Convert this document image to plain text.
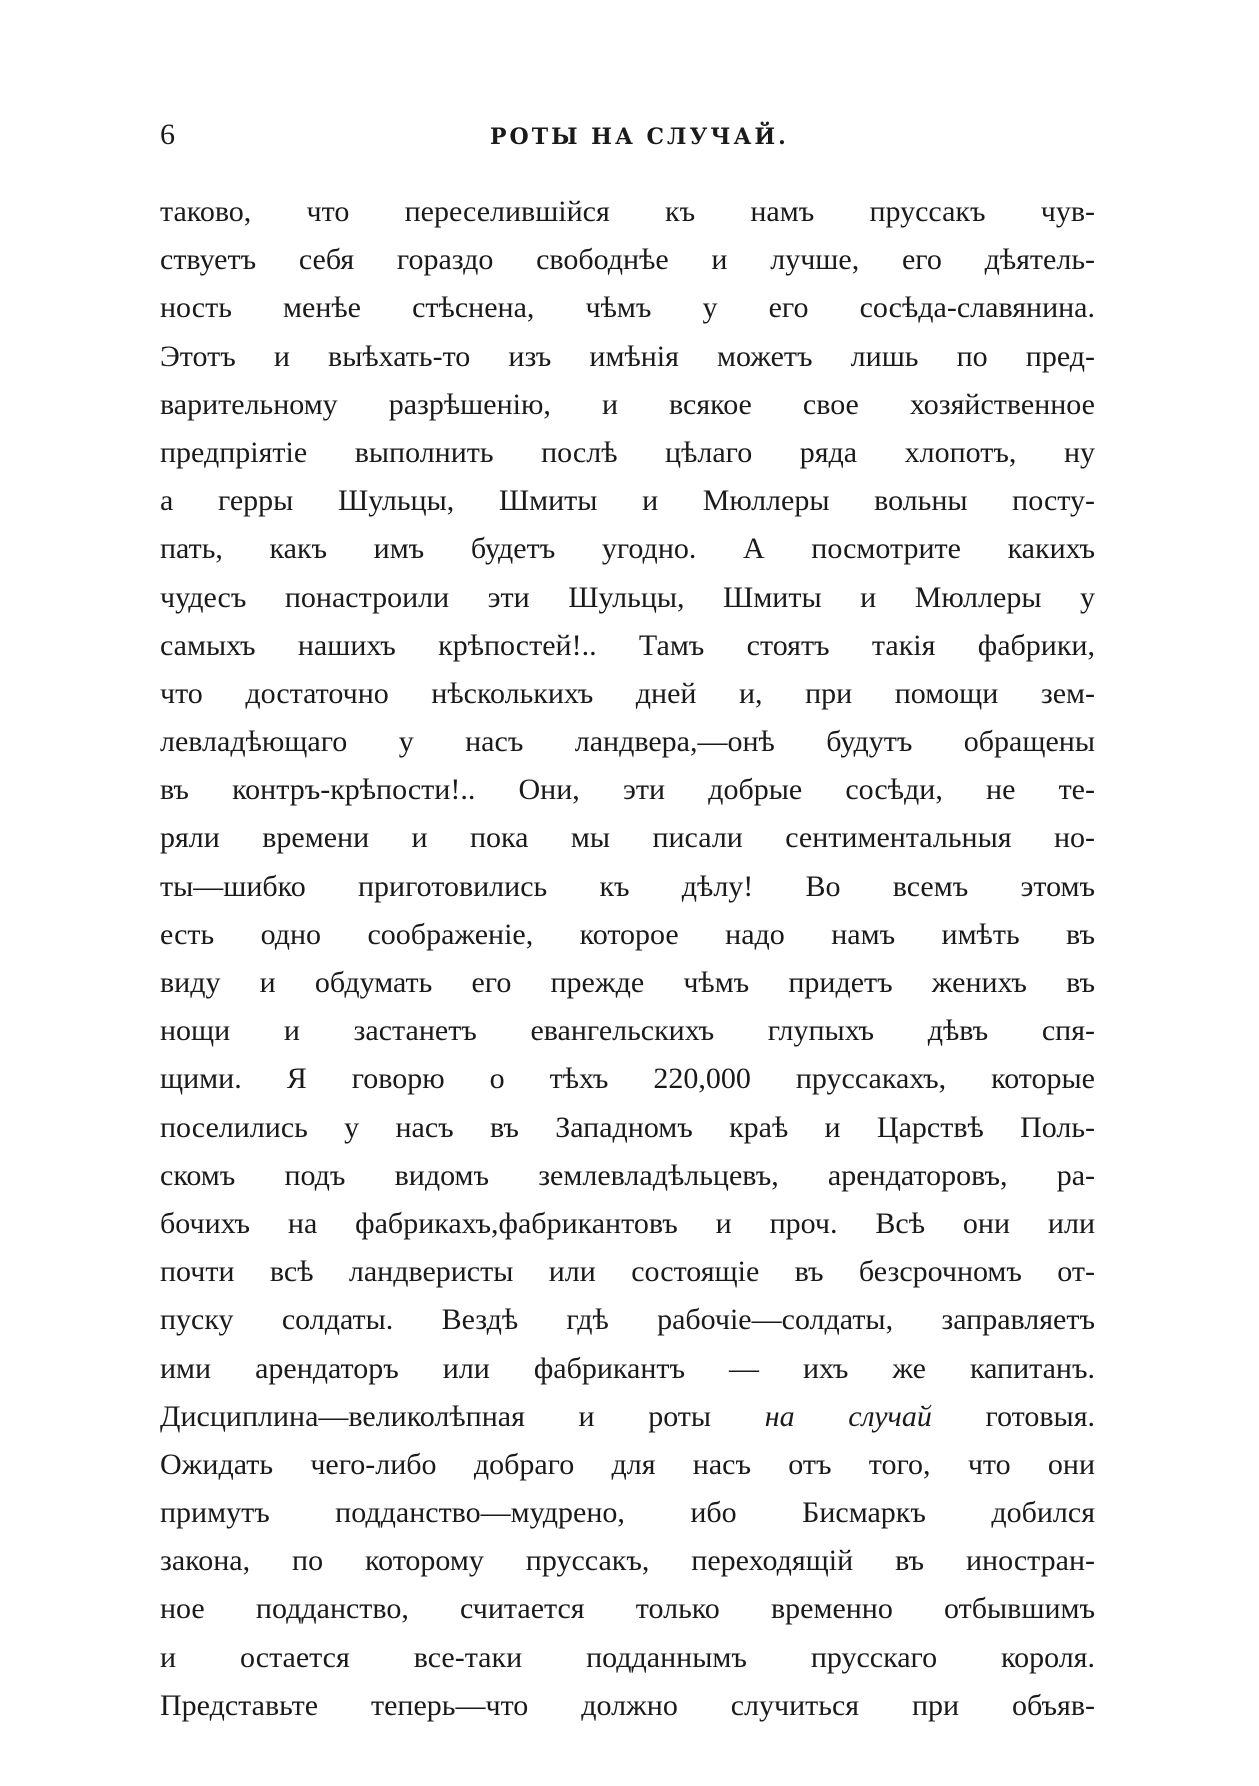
6	РОТЫ НА СЛУЧАЙ.
таково, что переселившійся къ намъ пруссакъ чув-
ствуетъ себя гораздо свободнѣе и лучше, его дѣятель-
ность менѣе стѣснена, чѣмъ у его сосѣда-славянина.
Этотъ и выѣхать-то изъ имѣнія можетъ лишь по пред-
варительному разрѣшенію, и всякое свое хозяйственное
предпріятіе выполнить послѣ цѣлаго ряда хлопотъ, ну
а герры Шульцы, Шмиты и Мюллеры вольны посту-
пать, какъ имъ будетъ угодно. А посмотрите какихъ
чудесъ понастроили эти Шульцы, Шмиты и Мюллеры у
самыхъ нашихъ крѣпостей!.. Тамъ стоятъ такія фабрики,
что достаточно нѣсколькихъ дней и, при помощи зем-
левладѣющаго у насъ ландвера,—онѣ будутъ обращены
въ контръ-крѣпости!.. Они, эти добрые сосѣди, не те-
ряли времени и пока мы писали сентиментальныя но-
ты—шибко приготовились къ дѣлу! Во всемъ этомъ
есть одно соображеніе, которое надо намъ имѣть въ
виду и обдумать его прежде чѣмъ придетъ женихъ въ
нощи и застанетъ евангельскихъ глупыхъ дѣвъ спя-
щими. Я говорю о тѣхъ 220,000 пруссакахъ, которые
поселились у насъ въ Западномъ краѣ и Царствѣ Поль-
скомъ подъ видомъ землевладѣльцевъ, арендаторовъ, ра-
бочихъ на фабрикахъ,фабрикантовъ и проч. Всѣ они или
почти всѣ ландверисты или состоящіе въ безсрочномъ от-
пуску солдаты. Вездѣ гдѣ рабочіе—солдаты, заправляетъ
ими арендаторъ или фабрикантъ — ихъ же капитанъ.
Дисциплина—великолѣпная и роты на случай готовыя.
Ожидать чего-либо добраго для насъ отъ того, что они
примутъ подданство—мудрено, ибо Бисмаркъ добился
закона, по которому пруссакъ, переходящій въ иностран-
ное подданство, считается только временно отбывшимъ
и остается все-таки подданнымъ прусскаго короля.
Представьте теперь—что должно случиться при объяв-
